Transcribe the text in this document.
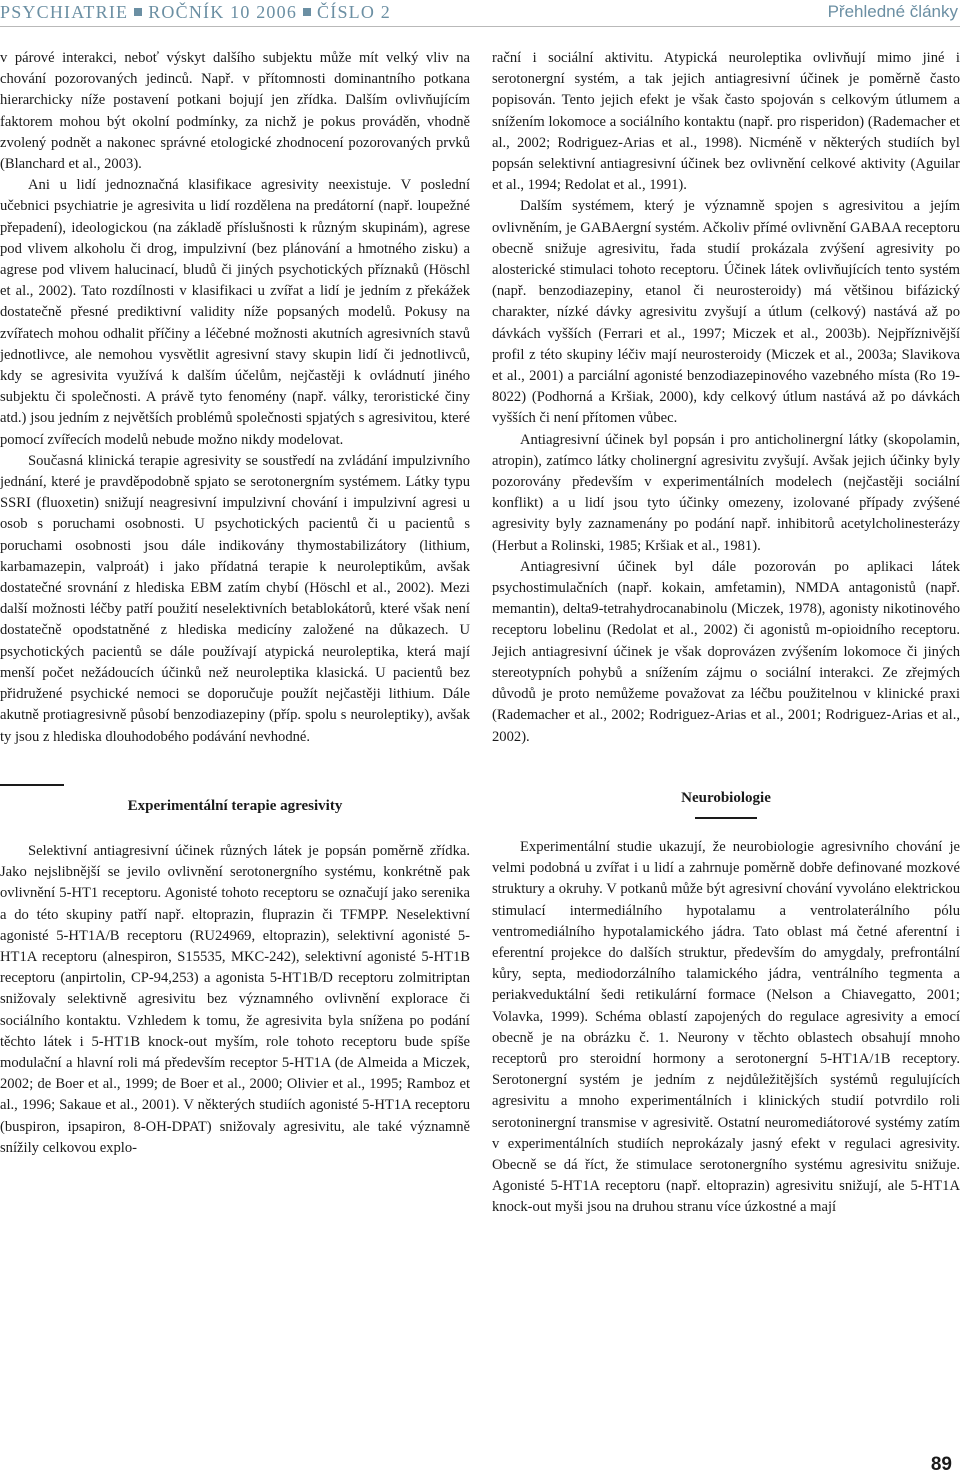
PSYCHIATRIE ROČNÍK 10 2006 ČÍSLO 2	Přehledné články

v párové interakci, neboť výskyt dalšího subjektu může mít velký vliv na chování pozorovaných jedinců. Např. v přítomnosti dominantního potkana hierarchicky níže postavení potkani bojují jen zřídka. Dalším ovlivňujícím faktorem mohou být okolní podmínky, za nichž je pokus prováděn, vhodně zvolený podnět a nakonec správné etologické zhodnocení pozorovaných prvků (Blanchard et al., 2003).

Ani u lidí jednoznačná klasifikace agresivity neexistuje. V poslední učebnici psychiatrie je agresivita u lidí rozdělena na predátorní (např. loupežné přepadení), ideologickou (na základě příslušnosti k různým skupinám), agrese pod vlivem alkoholu či drog, impulzivní (bez plánování a hmotného zisku) a agrese pod vlivem halucinací, bludů či jiných psychotických příznaků (Höschl et al., 2002). Tato rozdílnosti v klasifikaci u zvířat a lidí je jedním z překážek dostatečně přesné prediktivní validity níže popsaných modelů. Pokusy na zvířatech mohou odhalit příčiny a léčebné možnosti akutních agresivních stavů jednotlivce, ale nemohou vysvětlit agresivní stavy skupin lidí či jednotlivců, kdy se agresivita využívá k dalším účelům, nejčastěji k ovládnutí jiného subjektu či společnosti. A právě tyto fenomény (např. války, teroristické činy atd.) jsou jedním z největších problémů společnosti spjatých s agresivitou, které pomocí zvířecích modelů nebude možno nikdy modelovat.

Současná klinická terapie agresivity se soustředí na zvládání impulzivního jednání, které je pravděpodobně spjato se serotonergním systémem. Látky typu SSRI (fluoxetin) snižují neagresivní impulzivní chování i impulzivní agresi u osob s poruchami osobnosti. U psychotických pacientů či u pacientů s poruchami osobnosti jsou dále indikovány thymostabilizátory (lithium, karbamazepin, valproát) i jako přídatná terapie k neuroleptikům, avšak dostatečné srovnání z hlediska EBM zatím chybí (Höschl et al., 2002). Mezi další možnosti léčby patří použití neselektivních betablokátorů, které však není dostatečně opodstatněné z hlediska medicíny založené na důkazech. U psychotických pacientů se dále používají atypická neuroleptika, která mají menší počet nežádoucích účinků než neuroleptika klasická. U pacientů bez přidružené psychické nemoci se doporučuje použít nejčastěji lithium. Dále akutně protiagresivně působí benzodiazepiny (příp. spolu s neuroleptiky), avšak ty jsou z hlediska dlouhodobého podávání nevhodné.

Experimentální terapie agresivity

Selektivní antiagresivní účinek různých látek je popsán poměrně zřídka. Jako nejslibnější se jevilo ovlivnění serotonergního systému, konkrétně pak ovlivnění 5-HT1 receptoru. Agonisté tohoto receptoru se označují jako serenika a do této skupiny patří např. eltoprazin, fluprazin či TFMPP. Neselektivní agonisté 5-HT1A/B receptoru (RU24969, eltoprazin), selektivní agonisté 5-HT1A receptoru (alnespiron, S15535, MKC-242), selektivní agonisté 5-HT1B receptoru (anpirtolin, CP-94,253) a agonista 5-HT1B/D receptoru zolmitriptan snižovaly selektivně agresivitu bez významného ovlivnění explorace či sociálního kontaktu. Vzhledem k tomu, že agresivita byla snížena po podání těchto látek i 5-HT1B knock-out myším, role tohoto receptoru bude spíše modulační a hlavní roli má především receptor 5-HT1A (de Almeida a Miczek, 2002; de Boer et al., 1999; de Boer et al., 2000; Olivier et al., 1995; Ramboz et al., 1996; Sakaue et al., 2001). V některých studiích agonisté 5-HT1A receptoru (buspiron, ipsapiron, 8-OH-DPAT) snižovaly agresivitu, ale také významně snížily celkovou explo-

rační i sociální aktivitu. Atypická neuroleptika ovlivňují mimo jiné i serotonergní systém, a tak jejich antiagresivní účinek je poměrně často popisován. Tento jejich efekt je však často spojován s celkovým útlumem a snížením lokomoce a sociálního kontaktu (např. pro risperidon) (Rademacher et al., 2002; Rodriguez-Arias et al., 1998). Nicméně v některých studiích byl popsán selektivní antiagresivní účinek bez ovlivnění celkové aktivity (Aguilar et al., 1994; Redolat et al., 1991).

Dalším systémem, který je významně spojen s agresivitou a jejím ovlivněním, je GABAergní systém. Ačkoliv přímé ovlivnění GABAA receptoru obecně snižuje agresivitu, řada studií prokázala zvýšení agresivity po alosterické stimulaci tohoto receptoru. Účinek látek ovlivňujících tento systém (např. benzodiazepiny, etanol či neurosteroidy) má většinou bifázický charakter, nízké dávky agresivitu zvyšují a útlum (celkový) nastává až po dávkách vyšších (Ferrari et al., 1997; Miczek et al., 2003b). Nejpříznivější profil z této skupiny léčiv mají neurosteroidy (Miczek et al., 2003a; Slavikova et al., 2001) a parciální agonisté benzodiazepinového vazebného místa (Ro 19-8022) (Podhorná a Kršiak, 2000), kdy celkový útlum nastává až po dávkách vyšších či není přítomen vůbec.

Antiagresivní účinek byl popsán i pro anticholinergní látky (skopolamin, atropin), zatímco látky cholinergní agresivitu zvyšují. Avšak jejich účinky byly pozorovány především v experimentálních modelech (nejčastěji sociální konflikt) a u lidí jsou tyto účinky omezeny, izolované případy zvýšené agresivity byly zaznamenány po podání např. inhibitorů acetylcholinesterázy (Herbut a Rolinski, 1985; Kršiak et al., 1981).

Antiagresivní účinek byl dále pozorován po aplikaci látek psychostimulačních (např. kokain, amfetamin), NMDA antagonistů (např. memantin), delta9-tetrahydrocanabinolu (Miczek, 1978), agonisty nikotinového receptoru lobelinu (Redolat et al., 2002) či agonistů m-opioidního receptoru. Jejich antiagresivní účinek je však doprovázen zvýšením lokomoce či jiných stereotypních pohybů a snížením zájmu o sociální interakci. Ze zřejmých důvodů je proto nemůžeme považovat za léčbu použitelnou v klinické praxi (Rademacher et al., 2002; Rodriguez-Arias et al., 2001; Rodriguez-Arias et al., 2002).

Neurobiologie

Experimentální studie ukazují, že neurobiologie agresivního chování je velmi podobná u zvířat i u lidí a zahrnuje poměrně dobře definované mozkové struktury a okruhy. V potkanů může být agresivní chování vyvoláno elektrickou stimulací intermediálního hypotalamu a ventrolaterálního pólu ventromediálního hypotalamického jádra. Tato oblast má četné aferentní i eferentní projekce do dalších struktur, především do amygdaly, prefrontální kůry, septa, mediodorzálního talamického jádra, ventrálního tegmenta a periakveduktální šedi retikulární formace (Nelson a Chiavegatto, 2001; Volavka, 1999). Schéma oblastí zapojených do regulace agresivity a emocí obecně je na obrázku č. 1. Neurony v těchto oblastech obsahují mnoho receptorů pro steroidní hormony a serotonergní 5-HT1A/1B receptory. Serotonergní systém je jedním z nejdůležitějších systémů regulujících agresivitu a mnoho experimentálních i klinických studií potvrdilo roli serotoninergní transmise v agresivitě. Ostatní neuromediátorové systémy zatím v experimentálních studiích neprokázaly jasný efekt v regulaci agresivity. Obecně se dá říct, že stimulace serotonergního systému agresivitu snižuje. Agonisté 5-HT1A receptoru (např. eltoprazin) agresivitu snižují, ale 5-HT1A knock-out myši jsou na druhou stranu více úzkostné a mají

89
